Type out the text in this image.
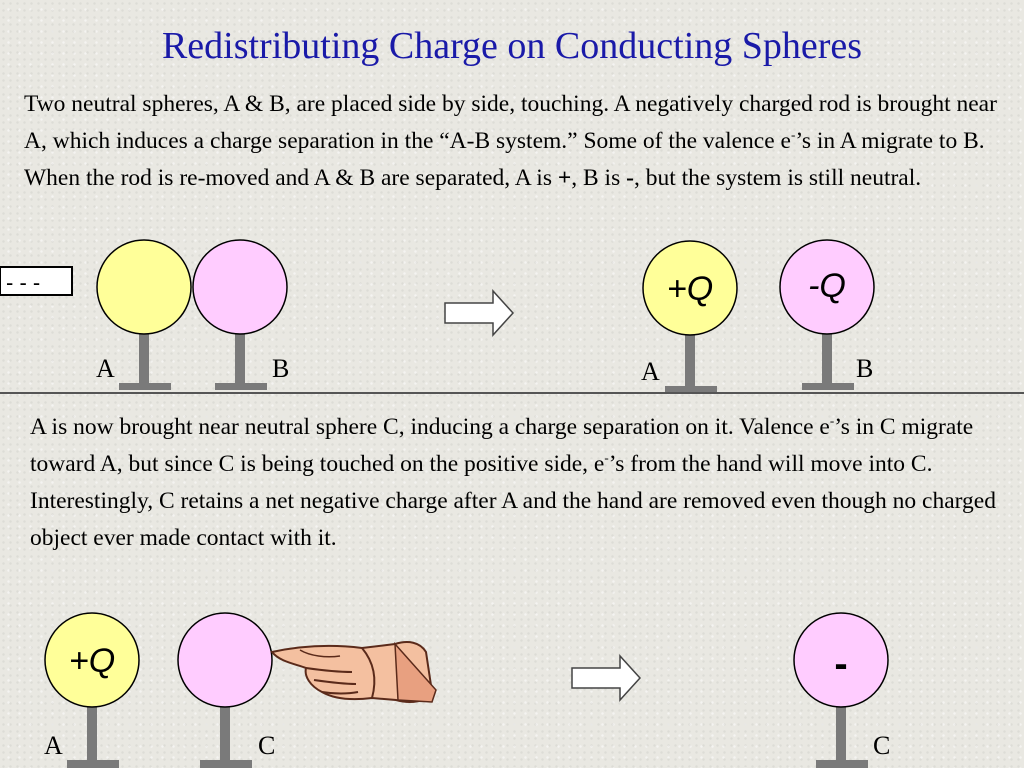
Redistributing Charge on Conducting Spheres
Two neutral spheres, A & B, are placed side by side, touching. A negatively charged rod is brought near A, which induces a charge separation in the “A-B system.” Some of the valence e-’s in A migrate to B. When the rod is re-moved and A & B are separated, A is +, B is -, but the system is still neutral.
- - -
A	B
+Q	-Q
A	B
+Q
A	C
-
C
A is now brought near neutral sphere C, inducing a charge separation on it. Valence e-’s in C migrate toward A, but since C is being touched on the positive side, e-’s from the hand will move into C. Interestingly, C retains a net negative charge after A and the hand are removed even though no charged object ever made contact with it.
